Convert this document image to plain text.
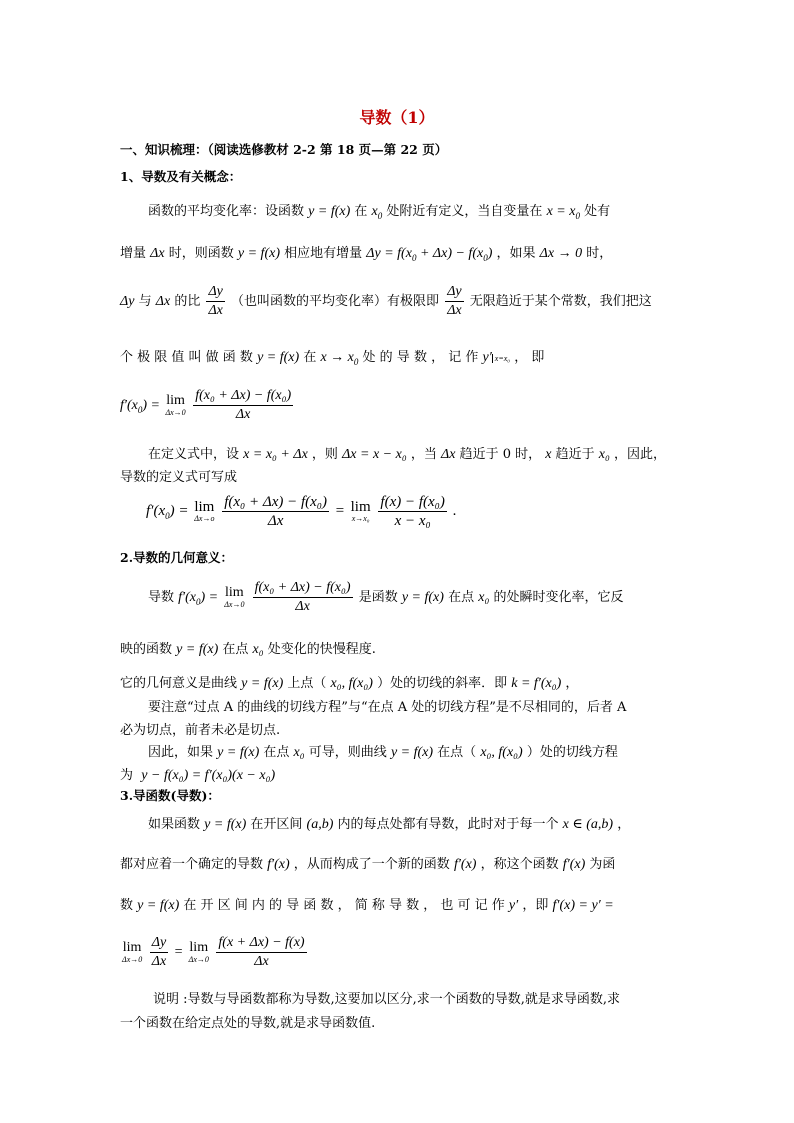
导数（1）
一、知识梳理：（阅读选修教材 2-2 第 18 页—第 22 页）
1、导数及有关概念：
函数的平均变化率：设函数 y = f(x) 在 $x_0$ 处附近有定义，当自变量在 $x = x_0$ 处有
增量 Δx 时，则函数 y = f(x) 相应地有增量 $\Delta y = f(x_0 + \Delta x) - f(x_0)$ ，如果 Δx → 0 时，
Δy 与 Δx 的比 $\frac{\Delta y}{\Delta x}$ （也叫函数的平均变化率）有极限即 $\frac{\Delta y}{\Delta x}$ 无限趋近于某个常数，我们把这
个 极 限 值 叫 做 函 数 y = f(x) 在 $x \to x_0$ 处 的 导 数 ， 记 作 y′ x=x₀ ， 即
$f'(x_0) = \lim$
Δx→0
$\frac{\text{f(x₀ + Δx) − f(x₀)}}{\Delta x}$
在定义式中，设 x = x₀ + Δx ，则 Δx = x − x₀ ，当 Δx 趋近于 0 时， x 趋近于 x₀ ，因此，
导数的定义式可写成
$f'(x_0) = \lim$
Δx→o
$\frac{\text{f(x₀ + Δx) − f(x₀)}}{\Delta x} = \lim$
x→x₀
$\frac{\text{f(x) − f(x₀)}}{\text{x − x₀}}$ .
2.导数的几何意义：
导数 $f'(x_0) = \lim$
Δx→0
$\frac{\text{f(x₀ + Δx) − f(x₀)}}{\Delta x}$ 是函数 y = f(x) 在点 x₀ 的处瞬时变化率，它反
映的函数 y = f(x) 在点 x₀ 处变化的快慢程度.
它的几何意义是曲线 y = f(x) 上点（ x₀, f(x₀) ）处的切线的斜率．即 k = f′(x₀) ，
要注意“过点 A 的曲线的切线方程”与“在点 A 处的切线方程”是不尽相同的，后者 A
必为切点，前者未必是切点.
因此，如果 y = f(x) 在点 x₀ 可导，则曲线 y = f(x) 在点（ x₀, f(x₀) ）处的切线方程
为 y − f(x₀) = f′(x₀)(x − x₀)
3.导函数(导数)：
如果函数 y = f(x) 在开区间 (a,b) 内的每点处都有导数，此时对于每一个 x ∈ (a,b) ，
都对应着一个确定的导数 f′(x) ，从而构成了一个新的函数 f′(x) ，称这个函数 f′(x) 为函
数 y = f(x) 在 开 区 间 内 的 导 函 数 ， 简 称 导 数 ， 也 可 记 作 y′ ，即 f′(x) = y′ =
lim
Δx→0
$\frac{\Delta y}{\Delta x} = \lim$
Δx→0
$\frac{f(x + \Delta x) - f(x)}{\Delta x}$
说明 :导数与导函数都称为导数,这要加以区分,求一个函数的导数,就是求导函数,求
一个函数在给定点处的导数,就是求导函数值.
